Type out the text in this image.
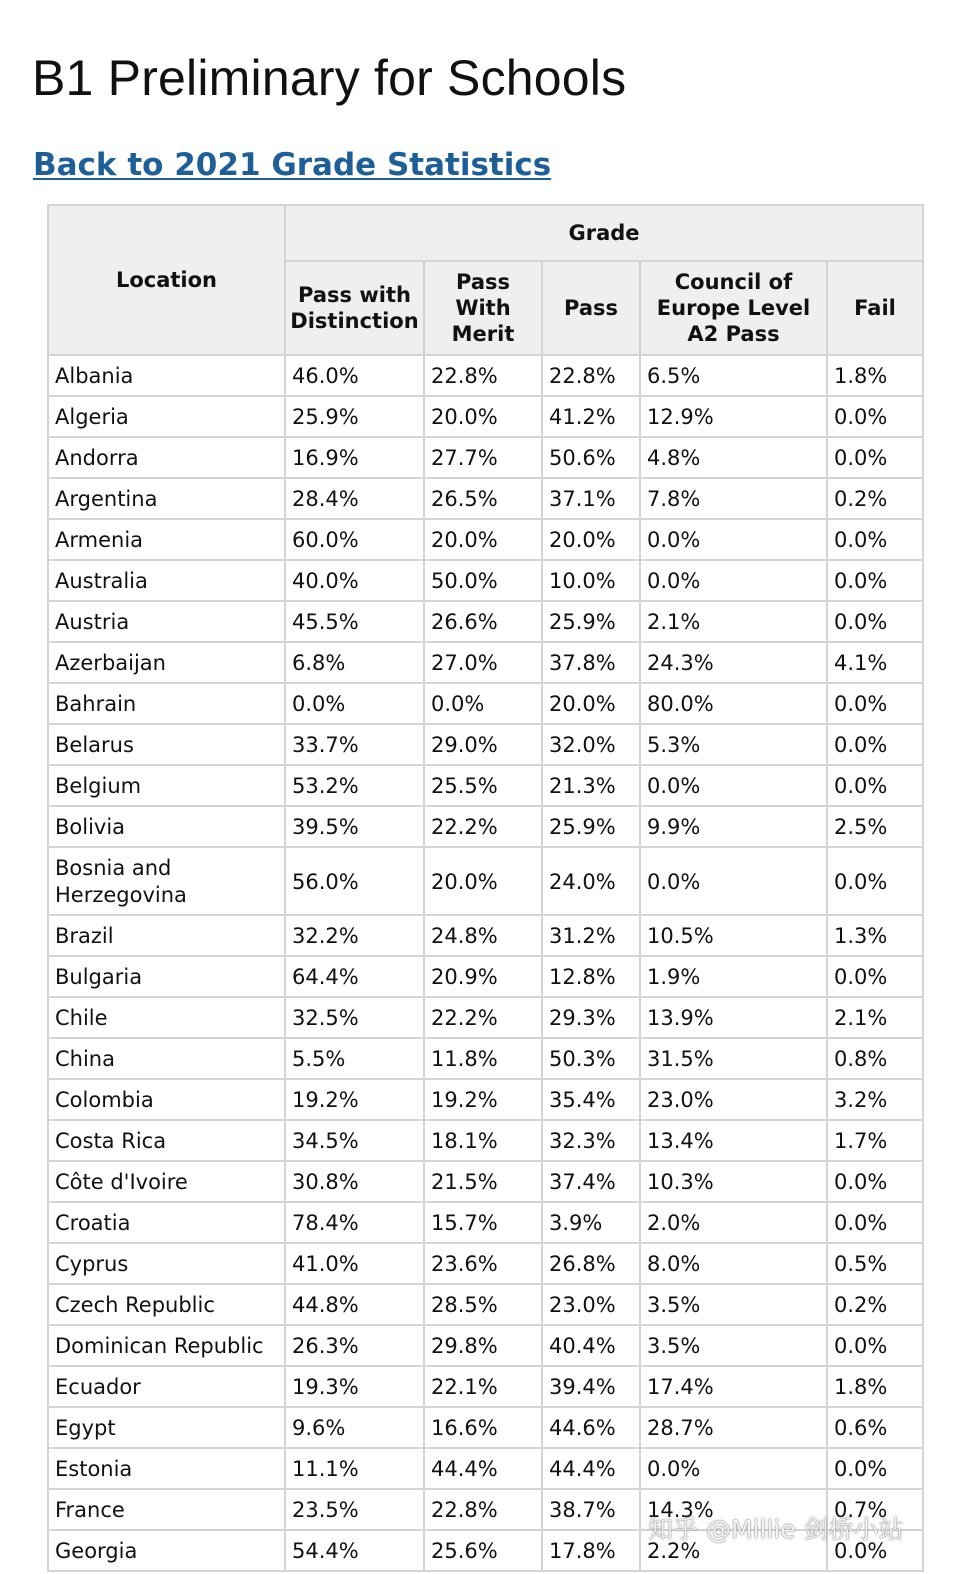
B1 Preliminary for Schools
Back to 2021 Grade Statistics
Location	Grade				
	Pass with Distinction	Pass With Merit	Pass	Council of Europe Level A2 Pass	Fail
Albania	46.0%	22.8%	22.8%	6.5%	1.8%
Algeria	25.9%	20.0%	41.2%	12.9%	0.0%
Andorra	16.9%	27.7%	50.6%	4.8%	0.0%
Argentina	28.4%	26.5%	37.1%	7.8%	0.2%
Armenia	60.0%	20.0%	20.0%	0.0%	0.0%
Australia	40.0%	50.0%	10.0%	0.0%	0.0%
Austria	45.5%	26.6%	25.9%	2.1%	0.0%
Azerbaijan	6.8%	27.0%	37.8%	24.3%	4.1%
Bahrain	0.0%	0.0%	20.0%	80.0%	0.0%
Belarus	33.7%	29.0%	32.0%	5.3%	0.0%
Belgium	53.2%	25.5%	21.3%	0.0%	0.0%
Bolivia	39.5%	22.2%	25.9%	9.9%	2.5%
Bosnia and Herzegovina	56.0%	20.0%	24.0%	0.0%	0.0%
Brazil	32.2%	24.8%	31.2%	10.5%	1.3%
Bulgaria	64.4%	20.9%	12.8%	1.9%	0.0%
Chile	32.5%	22.2%	29.3%	13.9%	2.1%
China	5.5%	11.8%	50.3%	31.5%	0.8%
Colombia	19.2%	19.2%	35.4%	23.0%	3.2%
Costa Rica	34.5%	18.1%	32.3%	13.4%	1.7%
Côte d'Ivoire	30.8%	21.5%	37.4%	10.3%	0.0%
Croatia	78.4%	15.7%	3.9%	2.0%	0.0%
Cyprus	41.0%	23.6%	26.8%	8.0%	0.5%
Czech Republic	44.8%	28.5%	23.0%	3.5%	0.2%
Dominican Republic	26.3%	29.8%	40.4%	3.5%	0.0%
Ecuador	19.3%	22.1%	39.4%	17.4%	1.8%
Egypt	9.6%	16.6%	44.6%	28.7%	0.6%
Estonia	11.1%	44.4%	44.4%	0.0%	0.0%
France	23.5%	22.8%	38.7%	14.3%	0.7%
Georgia	54.4%	25.6%	17.8%	2.2%	0.0%
知乎 @Millie 剑桥小站
